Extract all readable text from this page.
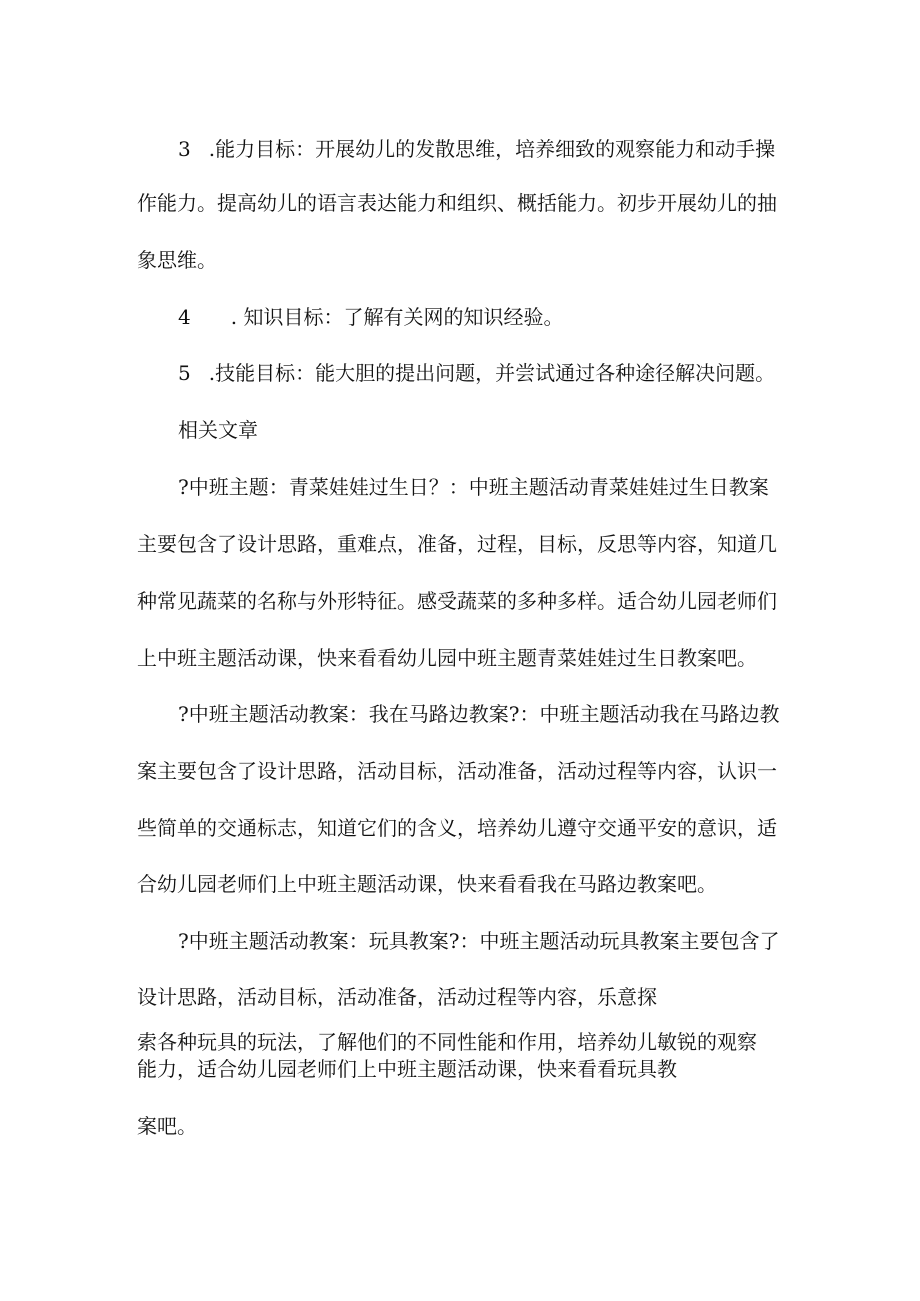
3 .能力目标：开展幼儿的发散思维，培养细致的观察能力和动手操

作能力。提高幼儿的语言表达能力和组织、概括能力。初步开展幼儿的抽

象思维。

4 . 知识目标：了解有关网的知识经验。

5 .技能目标：能大胆的提出问题，并尝试通过各种途径解决问题。

相关文章

?中班主题：青菜娃娃过生日？：中班主题活动青菜娃娃过生日教案

主要包含了设计思路，重难点，准备，过程，目标，反思等内容，知道几

种常见蔬菜的名称与外形特征。感受蔬菜的多种多样。适合幼儿园老师们

上中班主题活动课，快来看看幼儿园中班主题青菜娃娃过生日教案吧。

?中班主题活动教案：我在马路边教案?：中班主题活动我在马路边教

案主要包含了设计思路，活动目标，活动准备，活动过程等内容，认识一

些简单的交通标志，知道它们的含义，培养幼儿遵守交通平安的意识，适

合幼儿园老师们上中班主题活动课，快来看看我在马路边教案吧。

?中班主题活动教案：玩具教案?：中班主题活动玩具教案主要包含了

设计思路，活动目标，活动准备，活动过程等内容，乐意探

索各种玩具的玩法，了解他们的不同性能和作用，培养幼儿敏锐的观察

能力，适合幼儿园老师们上中班主题活动课，快来看看玩具教

案吧。
